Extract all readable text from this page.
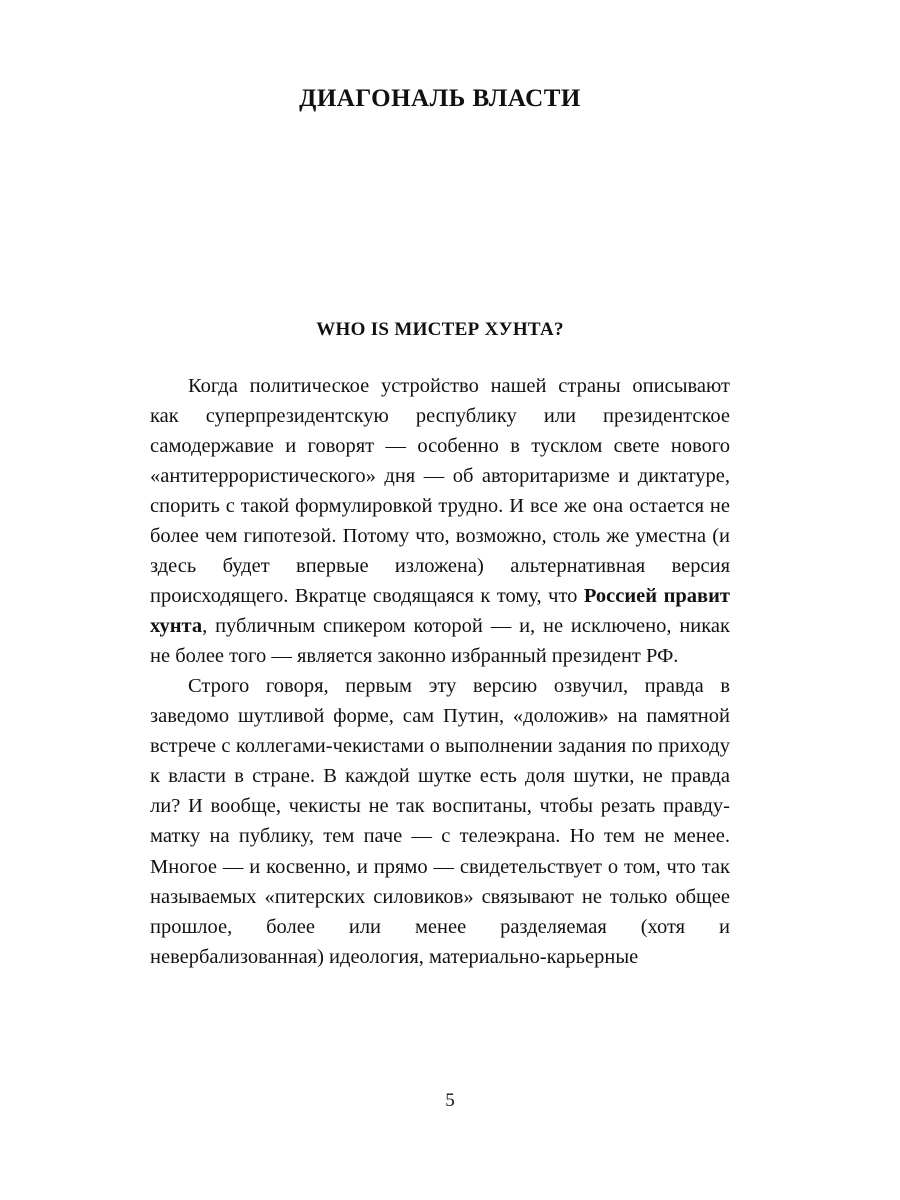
ДИАГОНАЛЬ ВЛАСТИ
WHO IS МИСТЕР ХУНТА?

Когда политическое устройство нашей страны описывают как суперпрезидентскую республику или президентское самодержавие и говорят — особенно в тусклом свете нового «антитеррористического» дня — об авторитаризме и диктатуре, спорить с такой формулировкой трудно. И все же она остается не более чем гипотезой. Потому что, возможно, столь же уместна (и здесь будет впервые изложена) альтернативная версия происходящего. Вкратце сводящаяся к тому, что Россией правит хунта, публичным спикером которой — и, не исключено, никак не более того — является законно избранный президент РФ.

Строго говоря, первым эту версию озвучил, правда в заведомо шутливой форме, сам Путин, «доложив» на памятной встрече с коллегами-чекистами о выполнении задания по приходу к власти в стране. В каждой шутке есть доля шутки, не правда ли? И вообще, чекисты не так воспитаны, чтобы резать правду-матку на публику, тем паче — с телеэкрана. Но тем не менее. Многое — и косвенно, и прямо — свидетельствует о том, что так называемых «питерских силовиков» связывают не только общее прошлое, более или менее разделяемая (хотя и невербализованная) идеология, материально-карьерные

5
